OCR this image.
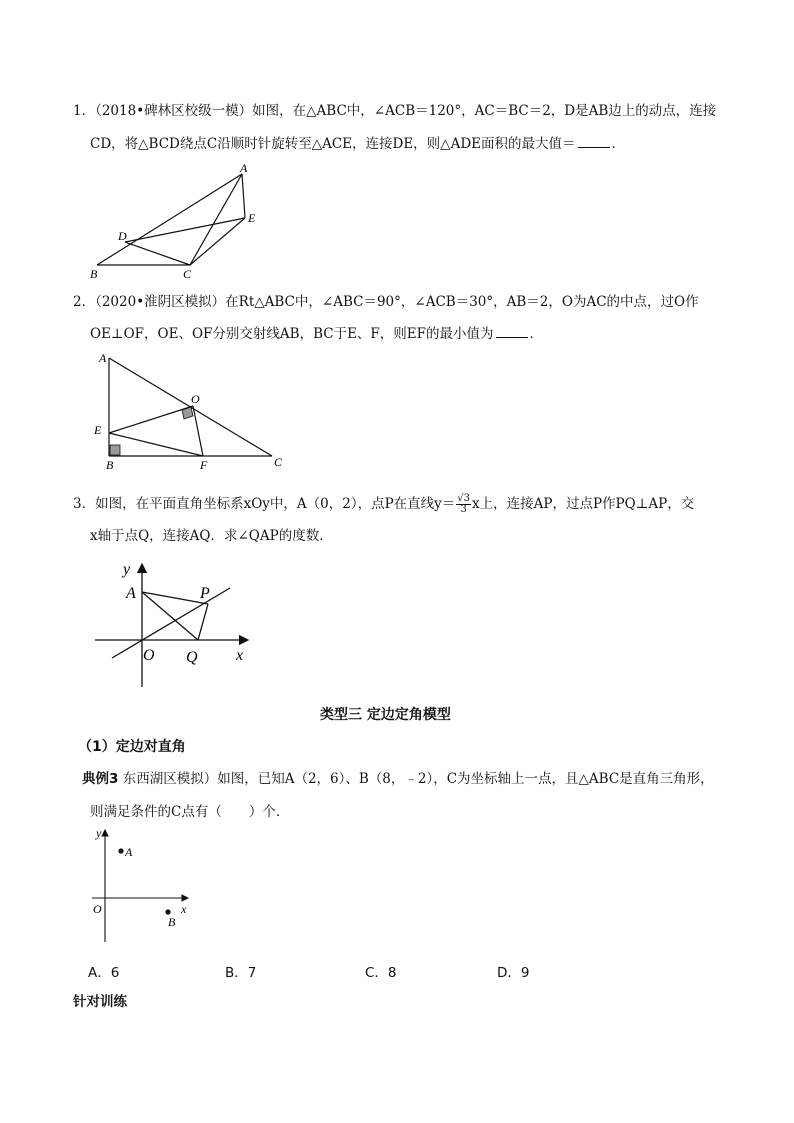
1．（2018•碑林区校级一模）如图，在△ABC中，∠ACB＝120°，AC＝BC＝2，D是AB边上的动点，连接
CD，将△BCD绕点C沿顺时针旋转至△ACE，连接DE，则△ADE面积的最大值＝	．
A
B	C
D
E
2．（2020•淮阴区模拟）在Rt△ABC中，∠ABC＝90°，∠ACB＝30°，AB＝2，O为AC的中点，过O作
OE⊥OF，OE、OF分别交射线AB，BC于E、F，则EF的最小值为	．
A
E
B	F	C
O
3．如图，在平面直角坐标系xOy中，A（0，2），点P在直线$y= \frac{√3}{3}$ x上，连接AP，过点P作PQ⊥AP，交
x轴于点Q，连接AQ．求∠QAP的度数．
y
A	P
O Q x
类型三 定边定角模型
（1）定边对直角
典例3 东西湖区模拟）如图，已知A（2，6）、B（8，﹣2），C为坐标轴上一点，且△ABC是直角三角形，
则满足条件的C点有（　　）个．
y
A
O	x
B
A．6	B．7	C．8	D．9
针对训练
